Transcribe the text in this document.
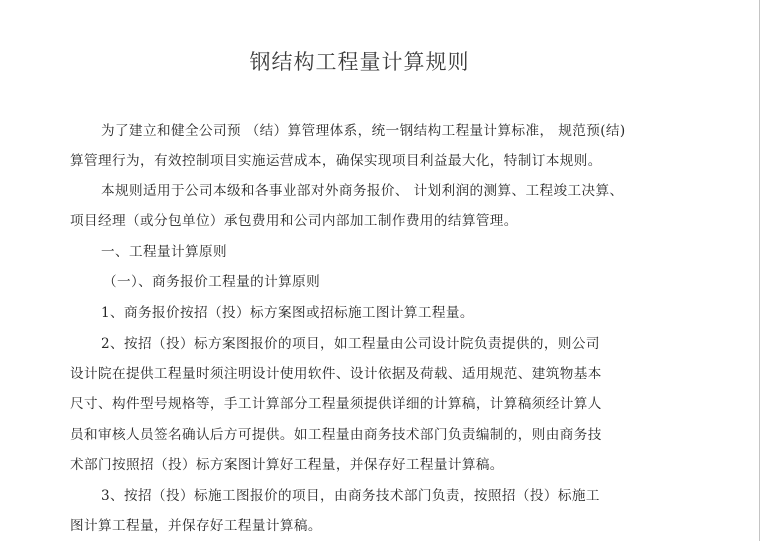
钢结构工程量计算规则
为了建立和健全公司预 （结）算管理体系，统一钢结构工程量计算标准， 规范预(结)
算管理行为，有效控制项目实施运营成本，确保实现项目利益最大化，特制订本规则。
本规则适用于公司本级和各事业部对外商务报价、 计划利润的测算、工程竣工决算、
项目经理（或分包单位）承包费用和公司内部加工制作费用的结算管理。
一、工程量计算原则
（一）、商务报价工程量的计算原则
1、商务报价按招（投）标方案图或招标施工图计算工程量。
2、按招（投）标方案图报价的项目，如工程量由公司设计院负责提供的，则公司
设计院在提供工程量时须注明设计使用软件、设计依据及荷载、适用规范、建筑物基本
尺寸、构件型号规格等，手工计算部分工程量须提供详细的计算稿，计算稿须经计算人
员和审核人员签名确认后方可提供。如工程量由商务技术部门负责编制的，则由商务技
术部门按照招（投）标方案图计算好工程量，并保存好工程量计算稿。
3、按招（投）标施工图报价的项目，由商务技术部门负责，按照招（投）标施工
图计算工程量，并保存好工程量计算稿。
